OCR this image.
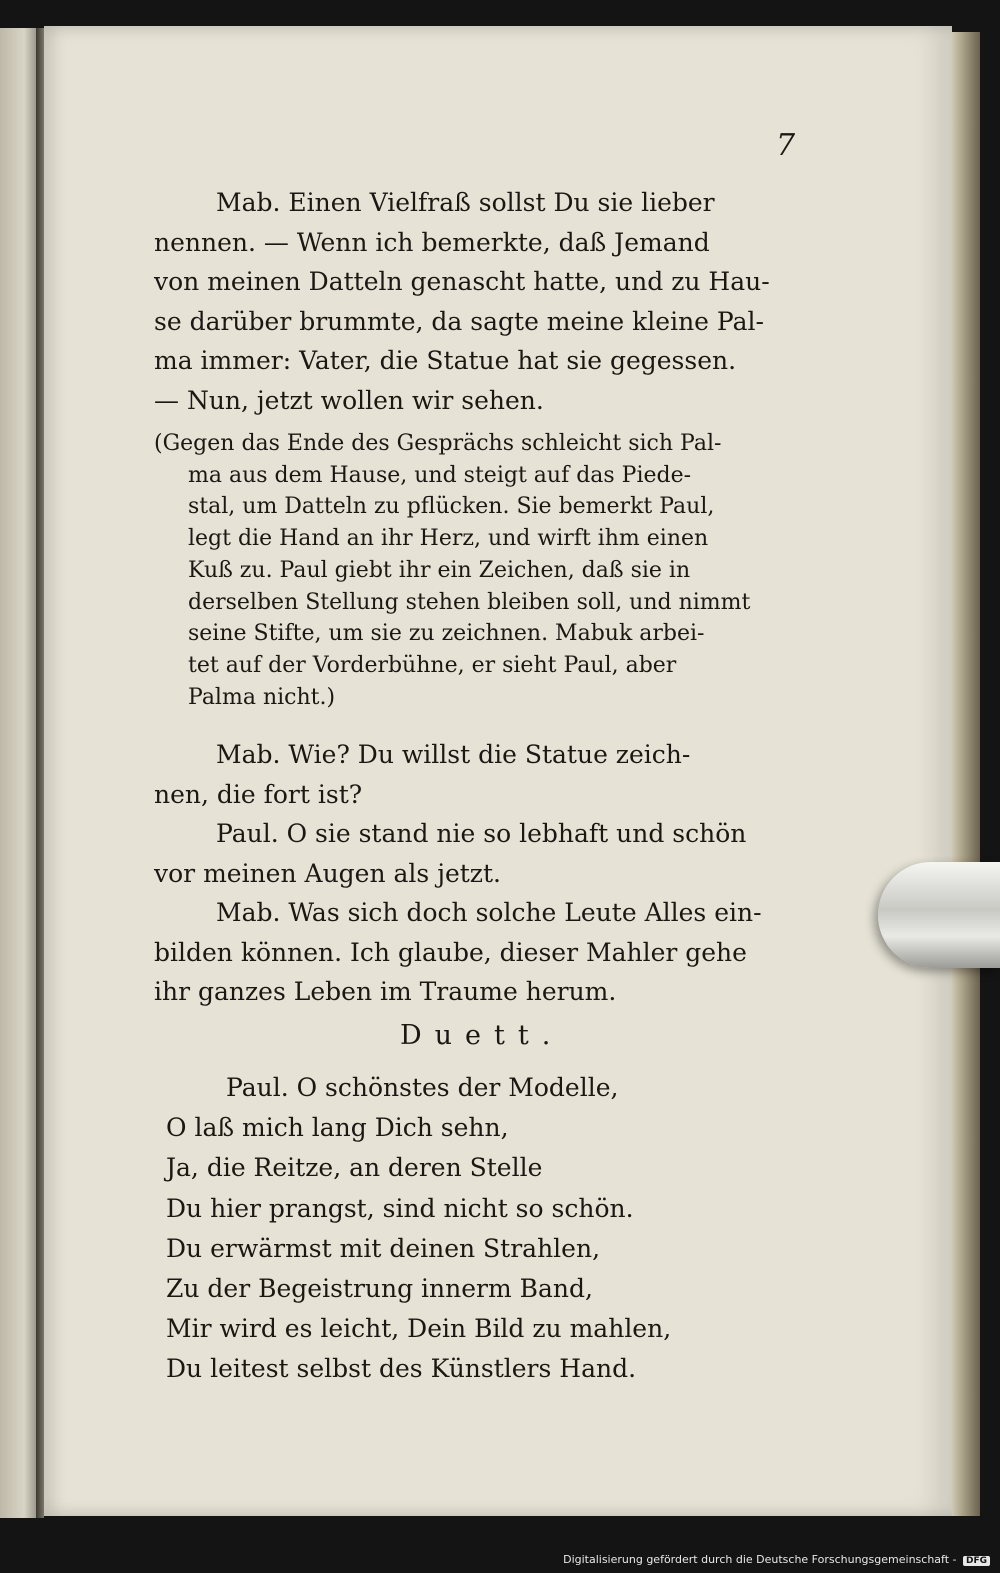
7
Mab. Einen Vielfraß sollst Du sie lieber
nennen. — Wenn ich bemerkte, daß Jemand
von meinen Datteln genascht hatte, und zu Hau-
se darüber brummte, da sagte meine kleine Pal-
ma immer: Vater, die Statue hat sie gegessen.
— Nun, jetzt wollen wir sehen.
(Gegen das Ende des Gesprächs schleicht sich Pal-
ma aus dem Hause, und steigt auf das Piede-
stal, um Datteln zu pflücken. Sie bemerkt Paul,
legt die Hand an ihr Herz, und wirft ihm einen
Kuß zu. Paul giebt ihr ein Zeichen, daß sie in
derselben Stellung stehen bleiben soll, und nimmt
seine Stifte, um sie zu zeichnen. Mabuk arbei-
tet auf der Vorderbühne, er sieht Paul, aber
Palma nicht.)
Mab. Wie? Du willst die Statue zeich-
nen, die fort ist?
Paul. O sie stand nie so lebhaft und schön
vor meinen Augen als jetzt.
Mab. Was sich doch solche Leute Alles ein-
bilden können. Ich glaube, dieser Mahler gehe
ihr ganzes Leben im Traume herum.
Duett.
Paul. O schönstes der Modelle,
O laß mich lang Dich sehn,
Ja, die Reitze, an deren Stelle
Du hier prangst, sind nicht so schön.
Du erwärmst mit deinen Strahlen,
Zu der Begeistrung innerm Band,
Mir wird es leicht, Dein Bild zu mahlen,
Du leitest selbst des Künstlers Hand.
Digitalisierung gefördert durch die Deutsche Forschungsgemeinschaft - DFG
